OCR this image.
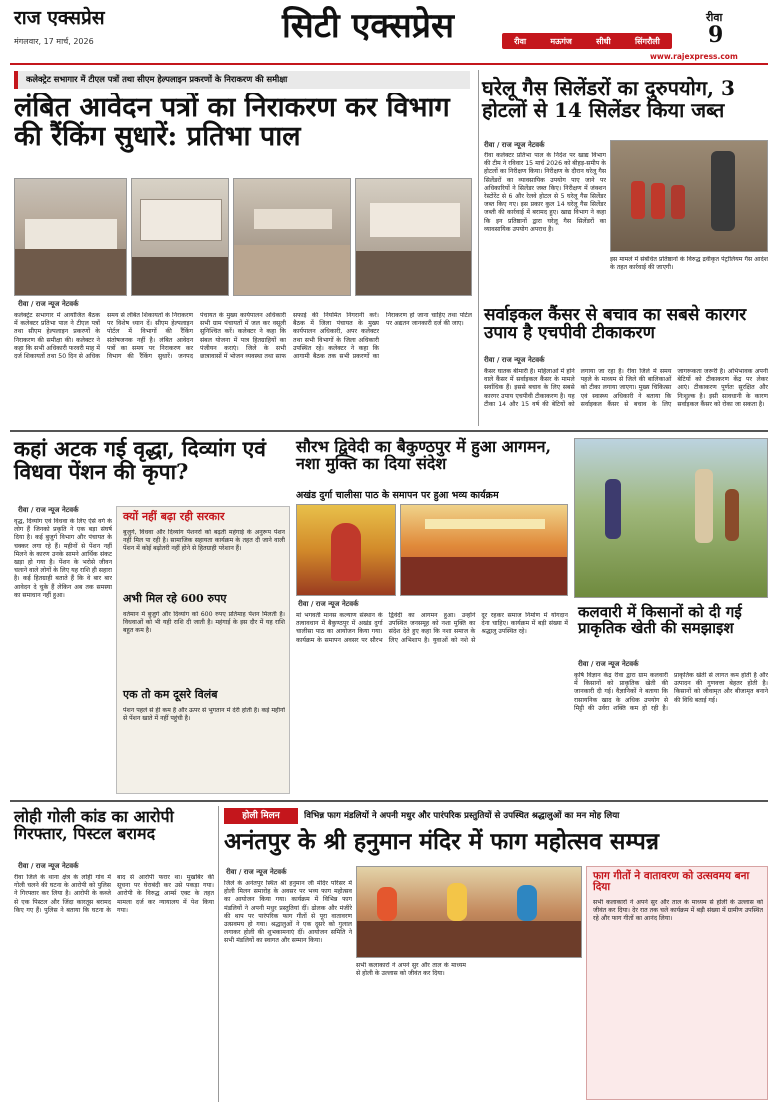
राज एक्सप्रेस
मंगलवार, 17 मार्च, 2026	सिटी एक्सप्रेस	रीवा
9
रीवा	मऊगंज	सीधी	सिंगरौली
www.rajexpress.com
कलेक्ट्रेट सभागार में टीएल पत्रों तथा सीएम हेल्पलाइन प्रकरणों के निराकरण की समीक्षा
लंबित आवेदन पत्रों का निराकरण कर विभाग की रैंकिंग सुधारें: प्रतिभा पाल
रीवा / राज न्यूज नेटवर्क
कलेक्ट्रेट सभागार में आयोजित बैठक में कलेक्टर प्रतिभा पाल ने टीएल पत्रों तथा सीएम हेल्पलाइन प्रकरणों के निराकरण की समीक्षा की। कलेक्टर ने कहा कि सभी अधिकारी फरवरी माह में दर्ज शिकायतों तथा 50 दिन से अधिक समय से लंबित शिकायतों के निराकरण पर विशेष ध्यान दें। सीएम हेल्पलाइन पोर्टल में विभागों की रैंकिंग संतोषजनक नहीं है। लंबित आवेदन पत्रों का समय पर निराकरण कर विभाग की रैंकिंग सुधारें। जनपद पंचायत के मुख्य कार्यपालन अधिकारी सभी ग्राम पंचायतों में जल कर वसूली सुनिश्चित करें। कलेक्टर ने कहा कि संबल योजना में पात्र हितग्राहियों का पंजीयन कराएं। जिले के सभी छात्रावासों में भोजन व्यवस्था तथा साफ सफाई की नियमित निगरानी करें। बैठक में जिला पंचायत के मुख्य कार्यपालन अधिकारी, अपर कलेक्टर तथा सभी विभागों के जिला अधिकारी उपस्थित रहे। कलेक्टर ने कहा कि आगामी बैठक तक सभी प्रकरणों का निराकरण हो जाना चाहिए तथा पोर्टल पर अद्यतन जानकारी दर्ज की जाए।
घरेलू गैस सिलेंडरों का दुरुपयोग, 3 होटलों से 14 सिलेंडर किया जब्त
रीवा / राज न्यूज नेटवर्क
रीवा कलेक्टर प्रतिभा पाल के निर्देश पर खाद्य विभाग की टीम ने रविवार 15 मार्च 2026 को बीहड़-समीप के होटलों का निरीक्षण किया। निरीक्षण के दौरान घरेलू गैस सिलेंडरों का व्यावसायिक उपयोग पाए जाने पर अधिकारियों ने सिलेंडर जब्त किए। निरीक्षण में जंक्शन रेस्टोरेंट से 6 और रेलवे होटल से 5 घरेलू गैस सिलेंडर जब्त किए गए। इस प्रकार कुल 14 घरेलू गैस सिलेंडर जब्ती की कार्रवाई में बरामद हुए। खाद्य विभाग ने कहा कि इन प्रतिष्ठानों द्वारा घरेलू गैस सिलेंडरों का व्यावसायिक उपयोग अपराध है।
इस मामले में संबंधित प्रतिष्ठानों के विरुद्ध द्रवीकृत पेट्रोलियम गैस आदेश के तहत कार्रवाई की जाएगी।
सर्वाइकल कैंसर से बचाव का सबसे कारगर उपाय है एचपीवी टीकाकरण
रीवा / राज न्यूज नेटवर्क
कैंसर घातक बीमारी है। महिलाओं में होने वाले कैंसर में सर्वाइकल कैंसर के मामले सर्वाधिक हैं। इससे बचाव के लिए सबसे कारगर उपाय एचपीवी टीकाकरण है। यह टीका 14 और 15 वर्ष की बेटियों को लगाया जा रहा है। रीवा जिले में समय पहले के माध्यम से जिले की बालिकाओं को टीका लगाया जाएगा। मुख्य चिकित्सा एवं स्वास्थ्य अधिकारी ने बताया कि सर्वाइकल कैंसर से बचाव के लिए जागरूकता जरूरी है। अभिभावक अपनी बेटियों को टीकाकरण केंद्र पर लेकर आएं। टीकाकरण पूर्णतः सुरक्षित और निःशुल्क है। इसी सावधानी के कारण सर्वाइकल कैंसर को रोका जा सकता है।
कहां अटक गई वृद्धा, दिव्यांग एवं विधवा पेंशन की कृपा?
रीवा / राज न्यूज नेटवर्क
वृद्ध, दिव्यांग एवं विधवा के लिए ऐसे वर्ग के लोग हैं जिनको प्रकृति ने एक बड़ा संघर्ष दिया है। कई बुजुर्ग विभाग और पंचायत के चक्कर लगा रहे हैं। महीनों से पेंशन नहीं मिलने के कारण उनके सामने आर्थिक संकट खड़ा हो गया है। पेंशन के भरोसे जीवन चलाने वाले लोगों के लिए यह राशि ही सहारा है। कई हितग्राही बताते हैं कि वे बार बार आवेदन दे चुके हैं लेकिन अब तक समस्या का समाधान नहीं हुआ।
क्यों नहीं बढ़ा रही सरकार
बुजुर्ग, विधवा और दिव्यांग पेंशनरों को बढ़ती महंगाई के अनुरूप पेंशन नहीं मिल पा रही है। सामाजिक सहायता कार्यक्रम के तहत दी जाने वाली पेंशन में कोई बढ़ोतरी नहीं होने से हितग्राही परेशान हैं।
अभी मिल रहे 600 रुपए
वर्तमान में बुजुर्ग और दिव्यांग को 600 रुपए प्रतिमाह पेंशन मिलती है। विधवाओं को भी यही राशि दी जाती है। महंगाई के इस दौर में यह राशि बहुत कम है।
एक तो कम दूसरे विलंब
पेंशन पहले से ही कम है और ऊपर से भुगतान में देरी होती है। कई महीनों से पेंशन खाते में नहीं पहुंची है।
सौरभ द्विवेदी का बैकुण्ठपुर में हुआ आगमन, नशा मुक्ति का दिया संदेश
अखंड दुर्गा चालीसा पाठ के समापन पर हुआ भव्य कार्यक्रम
रीवा / राज न्यूज नेटवर्क
मां भगवती मानस कल्याण संस्थान के तत्वावधान में बैकुण्ठपुर में अखंड दुर्गा चालीसा पाठ का आयोजन किया गया। कार्यक्रम के समापन अवसर पर सौरभ द्विवेदी का आगमन हुआ। उन्होंने उपस्थित जनसमूह को नशा मुक्ति का संदेश देते हुए कहा कि नशा समाज के लिए अभिशाप है। युवाओं को नशे से दूर रहकर समाज निर्माण में योगदान देना चाहिए। कार्यक्रम में बड़ी संख्या में श्रद्धालु उपस्थित रहे।
कलवारी में किसानों को दी गई प्राकृतिक खेती की समझाइश
रीवा / राज न्यूज नेटवर्क
कृषि विज्ञान केंद्र रीवा द्वारा ग्राम कलवारी में किसानों को प्राकृतिक खेती की जानकारी दी गई। वैज्ञानिकों ने बताया कि रासायनिक खाद के अधिक उपयोग से मिट्टी की उर्वरा शक्ति कम हो रही है। प्राकृतिक खेती से लागत कम होती है और उत्पादन की गुणवत्ता बेहतर होती है। किसानों को जीवामृत और बीजामृत बनाने की विधि बताई गई।
लोही गोली कांड का आरोपी गिरफ्तार, पिस्टल बरामद
रीवा / राज न्यूज नेटवर्क
रीवा जिले के थाना क्षेत्र के लोही गांव में गोली चलने की घटना के आरोपी को पुलिस ने गिरफ्तार कर लिया है। आरोपी के कब्जे से एक पिस्टल और जिंदा कारतूस बरामद किए गए हैं। पुलिस ने बताया कि घटना के बाद से आरोपी फरार था। मुखबिर की सूचना पर घेराबंदी कर उसे पकड़ा गया। आरोपी के विरुद्ध आर्म्स एक्ट के तहत मामला दर्ज कर न्यायालय में पेश किया गया।
होली मिलन	विभिन्न फाग मंडलियों ने अपनी मधुर और पारंपरिक प्रस्तुतियों से उपस्थित श्रद्धालुओं का मन मोह लिया
अनंतपुर के श्री हनुमान मंदिर में फाग महोत्सव सम्पन्न
रीवा / राज न्यूज नेटवर्क
जिले के अनंतपुर स्थित श्री हनुमान जी मंदिर परिसर में होली मिलन समारोह के अवसर पर भव्य फाग महोत्सव का आयोजन किया गया। कार्यक्रम में विभिन्न फाग मंडलियों ने अपनी मधुर प्रस्तुतियां दीं। ढोलक और मंजीरे की थाप पर पारंपरिक फाग गीतों से पूरा वातावरण उत्सवमय हो गया। श्रद्धालुओं ने एक दूसरे को गुलाल लगाकर होली की शुभकामनाएं दीं। आयोजन समिति ने सभी मंडलियों का स्वागत और सम्मान किया।
सभी कलाकारों ने अपने सुर और ताल के माध्यम से होली के उल्लास को जीवंत कर दिया।
फाग गीतों ने वातावरण को उत्सवमय बना दिया
सभी कलाकारों ने अपने सुर और ताल के माध्यम से होली के उल्लास को जीवंत कर दिया। देर रात तक चले कार्यक्रम में बड़ी संख्या में ग्रामीण उपस्थित रहे और फाग गीतों का आनंद लिया।
